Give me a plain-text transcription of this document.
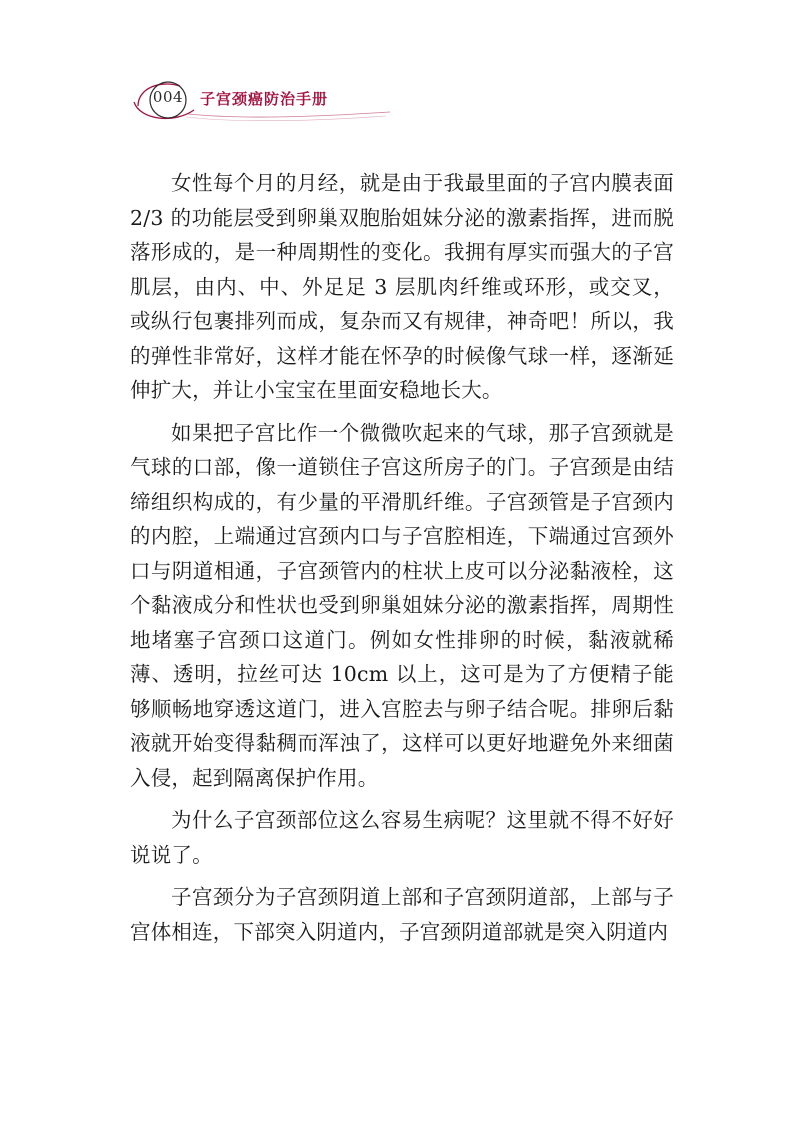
004	子宫颈癌防治手册

女性每个月的月经，就是由于我最里面的子宫内膜表面2/3 的功能层受到卵巢双胞胎姐妹分泌的激素指挥，进而脱落形成的，是一种周期性的变化。我拥有厚实而强大的子宫肌层，由内、中、外足足 3 层肌肉纤维或环形，或交叉，或纵行包裹排列而成，复杂而又有规律，神奇吧！所以，我的弹性非常好，这样才能在怀孕的时候像气球一样，逐渐延伸扩大，并让小宝宝在里面安稳地长大。

如果把子宫比作一个微微吹起来的气球，那子宫颈就是气球的口部，像一道锁住子宫这所房子的门。子宫颈是由结缔组织构成的，有少量的平滑肌纤维。子宫颈管是子宫颈内的内腔，上端通过宫颈内口与子宫腔相连，下端通过宫颈外口与阴道相通，子宫颈管内的柱状上皮可以分泌黏液栓，这个黏液成分和性状也受到卵巢姐妹分泌的激素指挥，周期性地堵塞子宫颈口这道门。例如女性排卵的时候，黏液就稀薄、透明，拉丝可达 10cm 以上，这可是为了方便精子能够顺畅地穿透这道门，进入宫腔去与卵子结合呢。排卵后黏液就开始变得黏稠而浑浊了，这样可以更好地避免外来细菌入侵，起到隔离保护作用。

为什么子宫颈部位这么容易生病呢？这里就不得不好好说说了。

子宫颈分为子宫颈阴道上部和子宫颈阴道部，上部与子宫体相连，下部突入阴道内，子宫颈阴道部就是突入阴道内
